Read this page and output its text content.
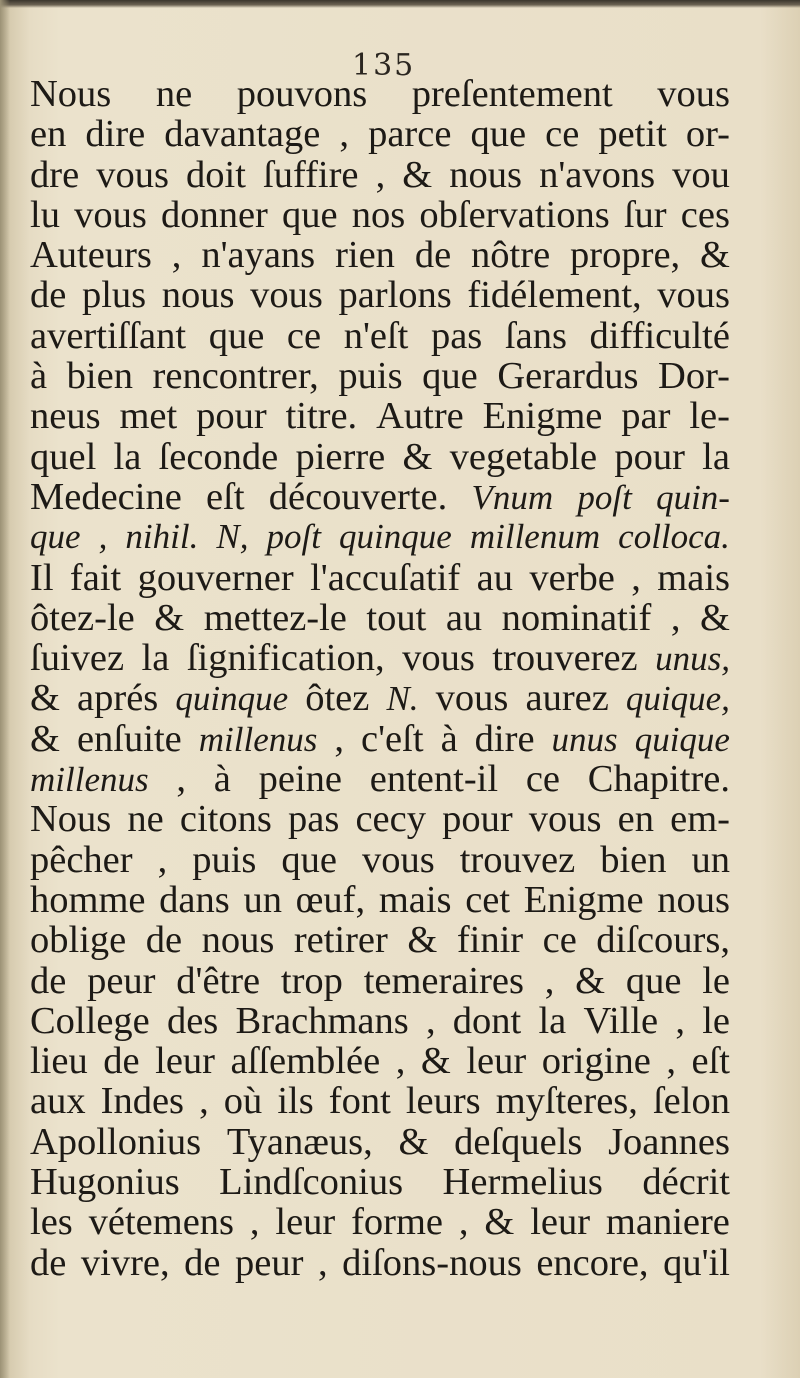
135
Nous ne pouvons preſentement vous
en dire davantage , parce que ce petit or-
dre vous doit ſuffire , & nous n'avons vou
lu vous donner que nos obſervations ſur ces
Auteurs , n'ayans rien de nôtre propre, &
de plus nous vous parlons fidélement, vous
avertiſſant que ce n'eſt pas ſans difficulté
à bien rencontrer, puis que Gerardus Dor-
neus met pour titre. Autre Enigme par le-
quel la ſeconde pierre & vegetable pour la
Medecine eſt découverte. Vnum poſt quin-
que , nihil. N, poſt quinque millenum colloca.
Il fait gouverner l'accuſatif au verbe , mais
ôtez-le & mettez-le tout au nominatif , &
ſuivez la ſignification, vous trouverez unus,
& aprés quinque ôtez N. vous aurez quique,
& enſuite millenus , c'eſt à dire unus quique
millenus , à peine entent-il ce Chapitre.
Nous ne citons pas cecy pour vous en em-
pêcher , puis que vous trouvez bien un
homme dans un œuf, mais cet Enigme nous
oblige de nous retirer & finir ce diſcours,
de peur d'être trop temeraires , & que le
College des Brachmans , dont la Ville , le
lieu de leur aſſemblée , & leur origine , eſt
aux Indes , où ils font leurs myſteres, ſelon
Apollonius Tyanæus, & deſquels Joannes
Hugonius Lindſconius Hermelius décrit
les vétemens , leur forme , & leur maniere
de vivre, de peur , diſons-nous encore, qu'il
